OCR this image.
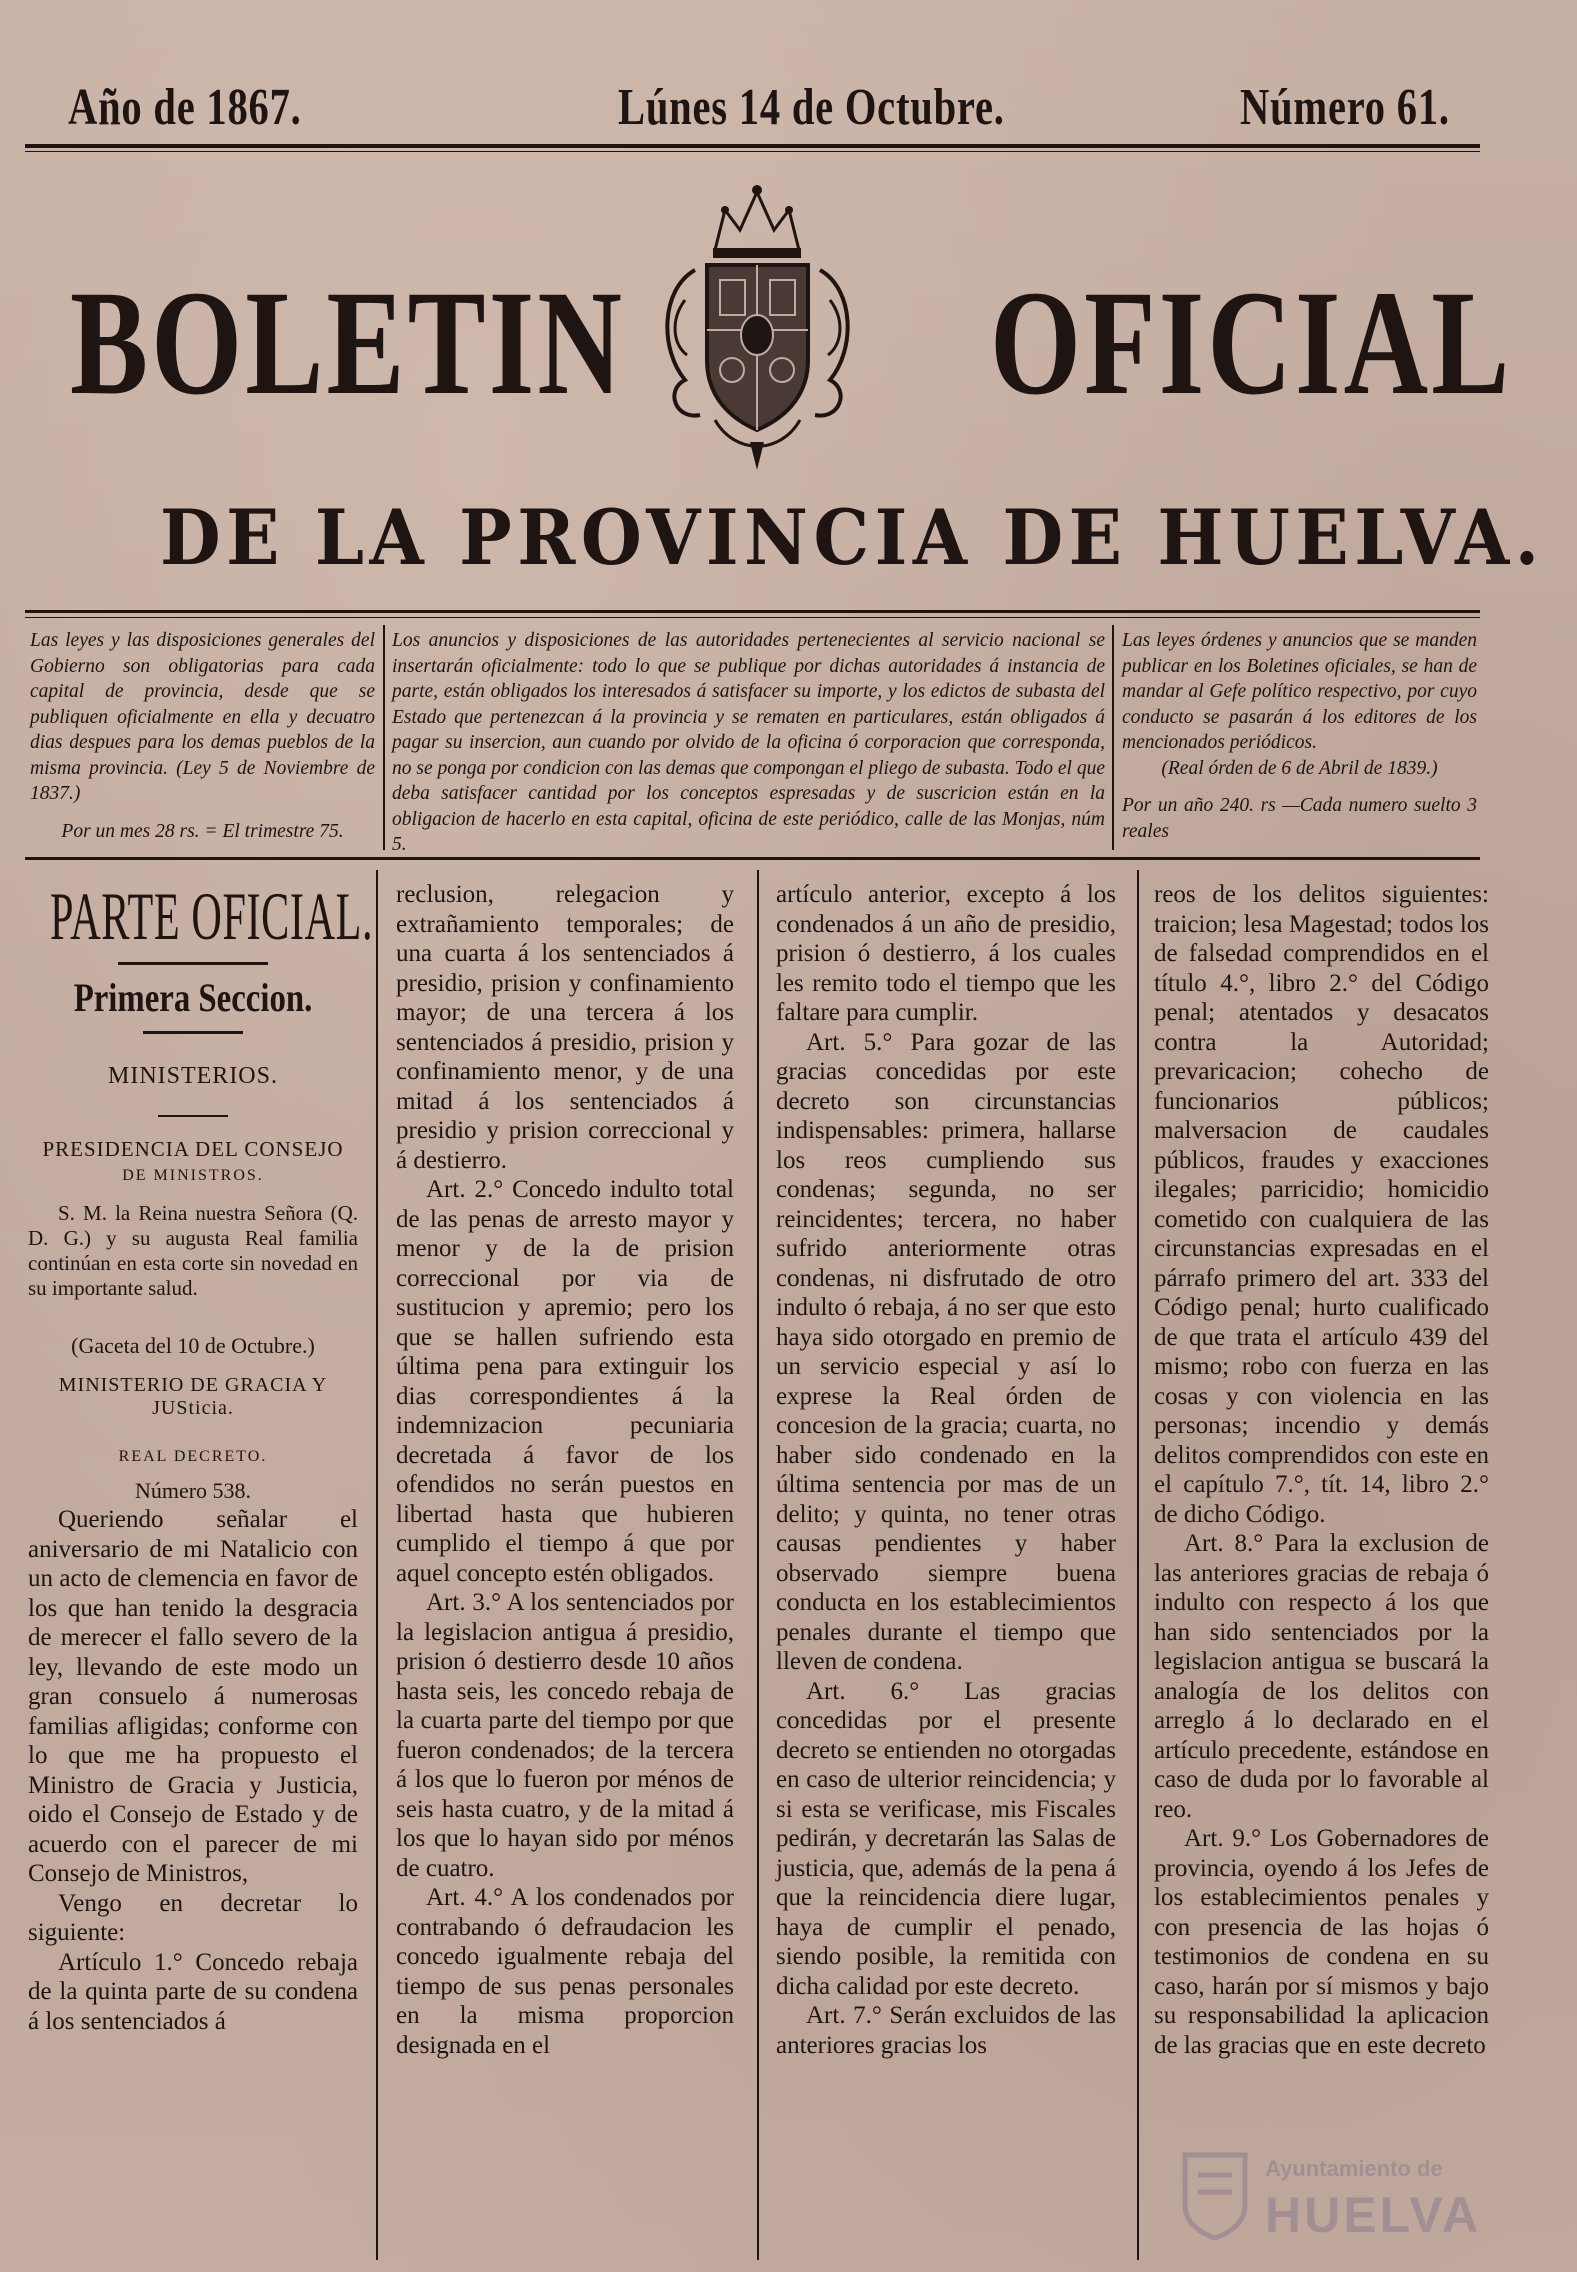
Año de 1867.	Lúnes 14 de Octubre.	Número 61.
BOLETIN OFICIAL
DE LA PROVINCIA DE HUELVA.

Las leyes y las disposiciones generales del Gobierno son obligatorias para cada capital de provincia, desde que se publiquen oficialmente en ella y decuatro dias despues para los demas pueblos de la misma provincia. (Ley 5 de Noviembre de 1837.)

Por un mes 28 rs. = El trimestre 75.

Los anuncios y disposiciones de las autoridades pertenecientes al servicio nacional se insertarán oficialmente: todo lo que se publique por dichas autoridades á instancia de parte, están obligados los interesados á satisfacer su importe, y los edictos de subasta del Estado que pertenezcan á la provincia y se rematen en particulares, están obligados á pagar su insercion, aun cuando por olvido de la oficina ó corporacion que corresponda, no se ponga por condicion con las demas que compongan el pliego de subasta. Todo el que deba satisfacer cantidad por los conceptos espresadas y de suscricion están en la obligacion de hacerlo en esta capital, oficina de este periódico, calle de las Monjas, núm 5.

Las leyes órdenes y anuncios que se manden publicar en los Boletines oficiales, se han de mandar al Gefe político respectivo, por cuyo conducto se pasarán á los editores de los mencionados periódicos.

(Real órden de 6 de Abril de 1839.)

Por un año 240. rs —Cada numero suelto 3 reales

PARTE OFICIAL.
Primera Seccion.

MINISTERIOS.

PRESIDENCIA DEL CONSEJO

DE MINISTROS.

S. M. la Reina nuestra Señora (Q. D. G.) y su augusta Real familia continúan en esta corte sin novedad en su importante salud.

(Gaceta del 10 de Octubre.)

MINISTERIO DE GRACIA Y JUSticia.

REAL DECRETO.

Número 538.

Queriendo señalar el aniversario de mi Natalicio con un acto de clemencia en favor de los que han tenido la desgracia de merecer el fallo severo de la ley, llevando de este modo un gran consuelo á numerosas familias afligidas; conforme con lo que me ha propuesto el Ministro de Gracia y Justicia, oido el Consejo de Estado y de acuerdo con el parecer de mi Consejo de Ministros,

Vengo en decretar lo siguiente:

Artículo 1.° Concedo rebaja de la quinta parte de su condena á los sentenciados á

reclusion, relegacion y extrañamiento temporales; de una cuarta á los sentenciados á presidio, prision y confinamiento mayor; de una tercera á los sentenciados á presidio, prision y confinamiento menor, y de una mitad á los sentenciados á presidio y prision correccional y á destierro.

Art. 2.° Concedo indulto total de las penas de arresto mayor y menor y de la de prision correccional por via de sustitucion y apremio; pero los que se hallen sufriendo esta última pena para extinguir los dias correspondientes á la indemnizacion pecuniaria decretada á favor de los ofendidos no serán puestos en libertad hasta que hubieren cumplido el tiempo á que por aquel concepto estén obligados.

Art. 3.° A los sentenciados por la legislacion antigua á presidio, prision ó destierro desde 10 años hasta seis, les concedo rebaja de la cuarta parte del tiempo por que fueron condenados; de la tercera á los que lo fueron por ménos de seis hasta cuatro, y de la mitad á los que lo hayan sido por ménos de cuatro.

Art. 4.° A los condenados por contrabando ó defraudacion les concedo igualmente rebaja del tiempo de sus penas personales en la misma proporcion designada en el

artículo anterior, excepto á los condenados á un año de presidio, prision ó destierro, á los cuales les remito todo el tiempo que les faltare para cumplir.

Art. 5.° Para gozar de las gracias concedidas por este decreto son circunstancias indispensables: primera, hallarse los reos cumpliendo sus condenas; segunda, no ser reincidentes; tercera, no haber sufrido anteriormente otras condenas, ni disfrutado de otro indulto ó rebaja, á no ser que esto haya sido otorgado en premio de un servicio especial y así lo exprese la Real órden de concesion de la gracia; cuarta, no haber sido condenado en la última sentencia por mas de un delito; y quinta, no tener otras causas pendientes y haber observado siempre buena conducta en los establecimientos penales durante el tiempo que lleven de condena.

Art. 6.° Las gracias concedidas por el presente decreto se entienden no otorgadas en caso de ulterior reincidencia; y si esta se verificase, mis Fiscales pedirán, y decretarán las Salas de justicia, que, además de la pena á que la reincidencia diere lugar, haya de cumplir el penado, siendo posible, la remitida con dicha calidad por este decreto.

Art. 7.° Serán excluidos de las anteriores gracias los

reos de los delitos siguientes: traicion; lesa Magestad; todos los de falsedad comprendidos en el título 4.°, libro 2.° del Código penal; atentados y desacatos contra la Autoridad; prevaricacion; cohecho de funcionarios públicos; malversacion de caudales públicos, fraudes y exacciones ilegales; parricidio; homicidio cometido con cualquiera de las circunstancias expresadas en el párrafo primero del art. 333 del Código penal; hurto cualificado de que trata el artículo 439 del mismo; robo con fuerza en las cosas y con violencia en las personas; incendio y demás delitos comprendidos con este en el capítulo 7.°, tít. 14, libro 2.° de dicho Código.

Art. 8.° Para la exclusion de las anteriores gracias de rebaja ó indulto con respecto á los que han sido sentenciados por la legislacion antigua se buscará la analogía de los delitos con arreglo á lo declarado en el artículo precedente, estándose en caso de duda por lo favorable al reo.

Art. 9.° Los Gobernadores de provincia, oyendo á los Jefes de los establecimientos penales y con presencia de las hojas ó testimonios de condena en su caso, harán por sí mismos y bajo su responsabilidad la aplicacion de las gracias que en este decreto

Ayuntamiento de
HUELVA
